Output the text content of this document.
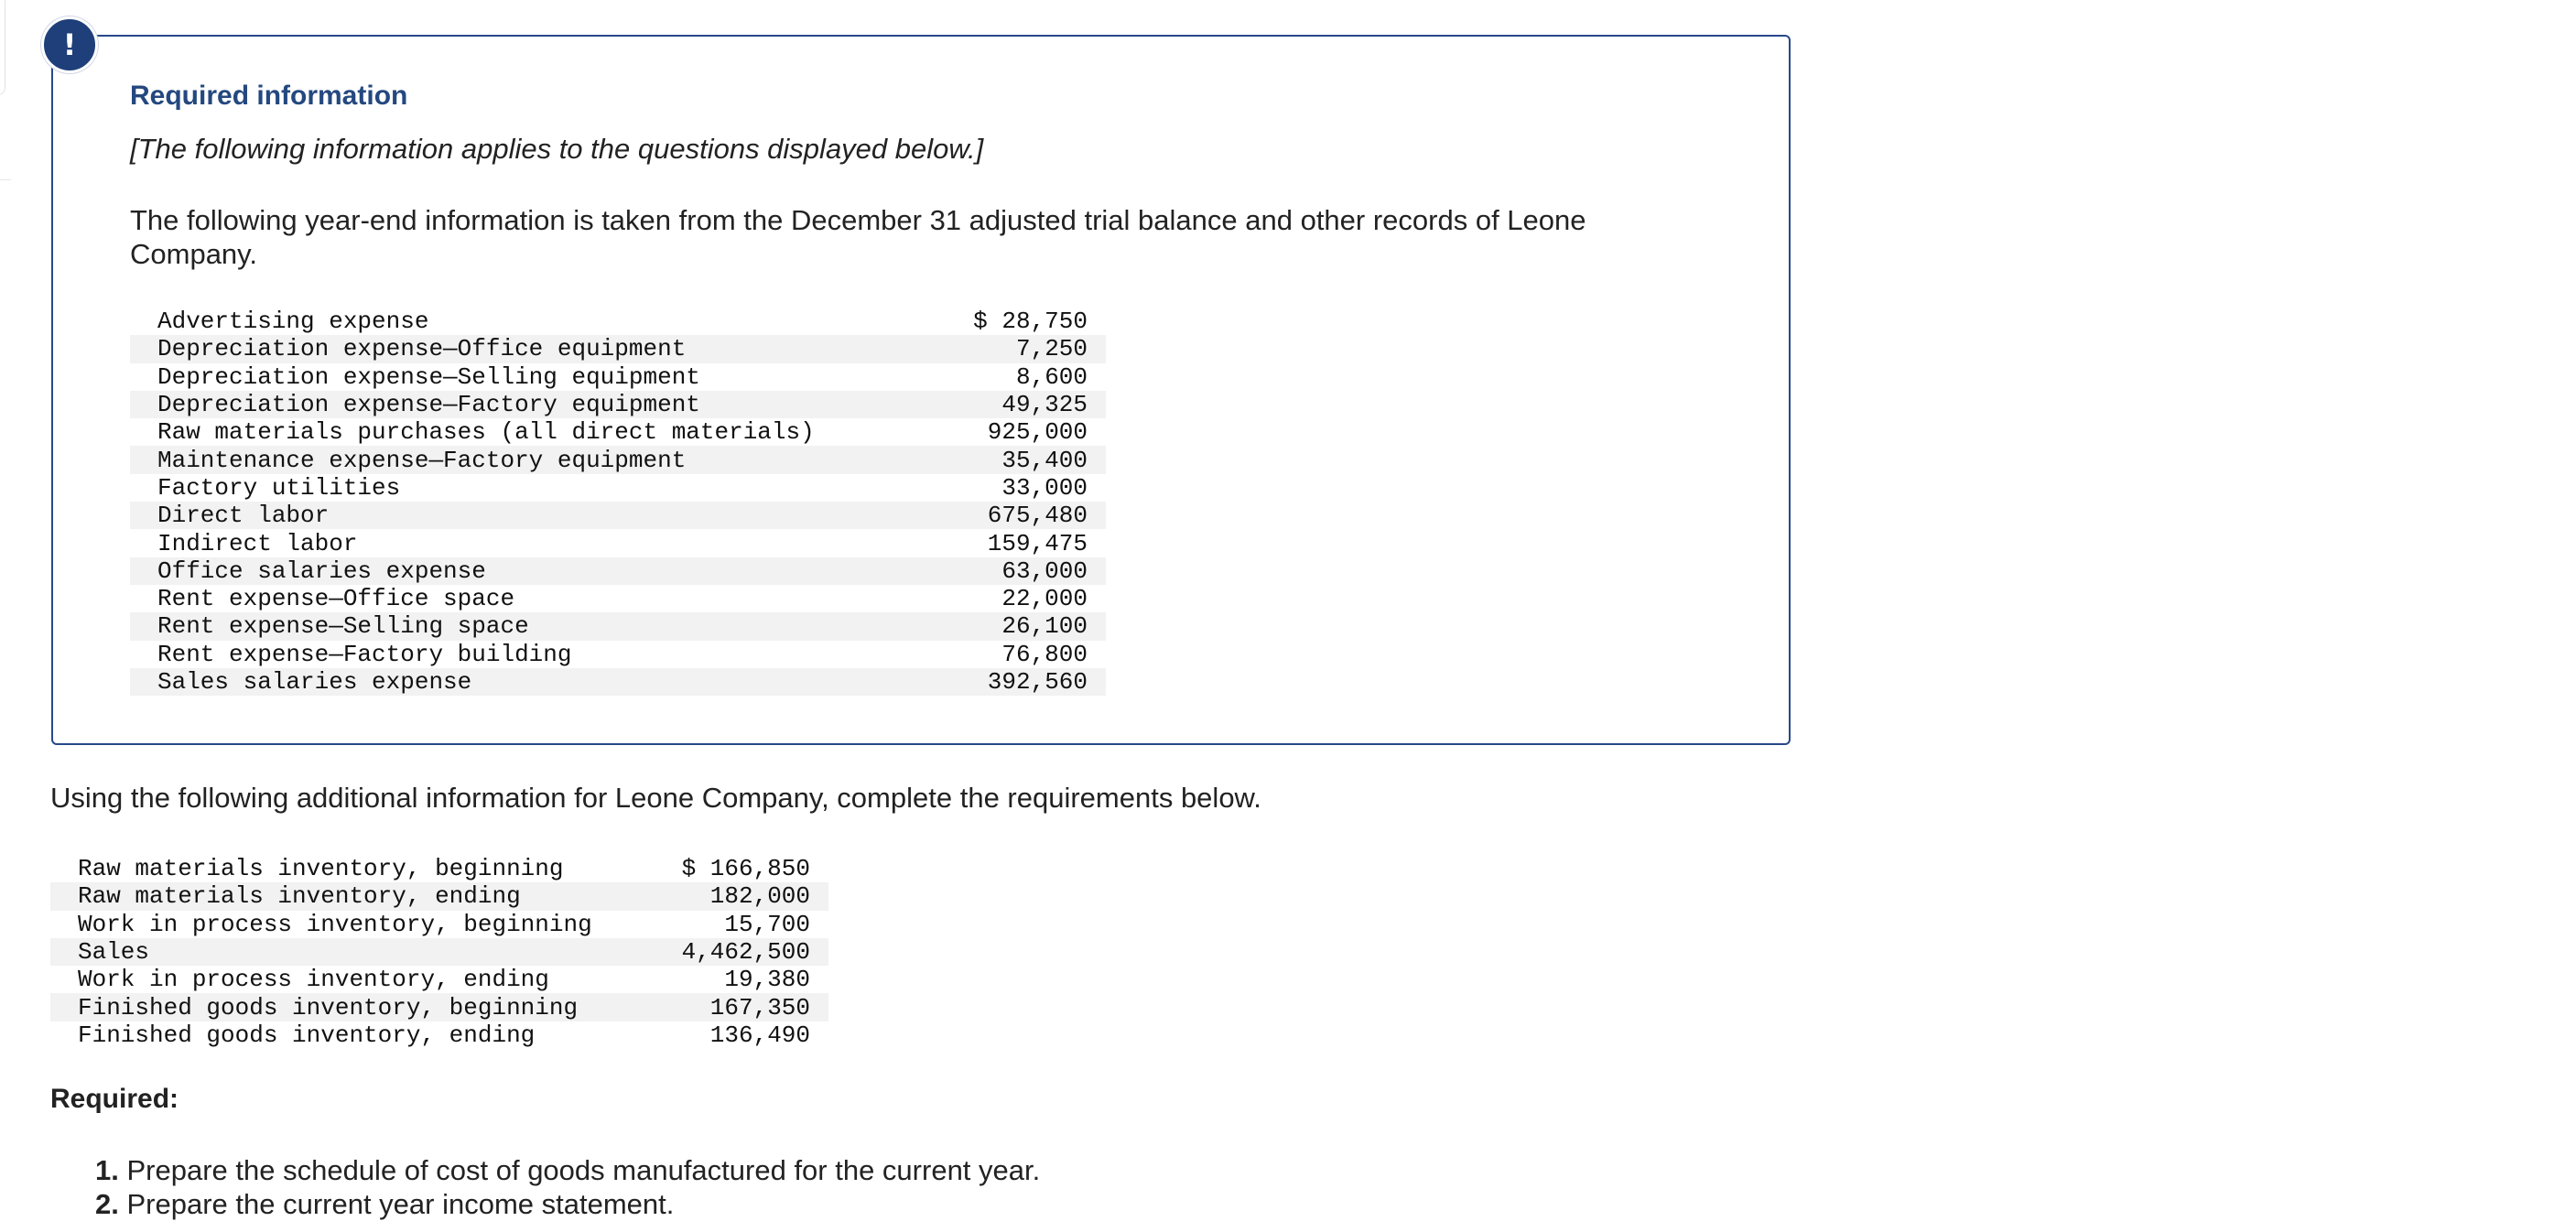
!
Required information
[The following information applies to the questions displayed below.]
The following year-end information is taken from the December 31 adjusted trial balance and other records of Leone Company.
Advertising expense	$ 28,750
Depreciation expense—Office equipment	7,250
Depreciation expense—Selling equipment	8,600
Depreciation expense—Factory equipment	49,325
Raw materials purchases (all direct materials)	925,000
Maintenance expense—Factory equipment	35,400
Factory utilities	33,000
Direct labor	675,480
Indirect labor	159,475
Office salaries expense	63,000
Rent expense—Office space	22,000
Rent expense—Selling space	26,100
Rent expense—Factory building	76,800
Sales salaries expense	392,560
Using the following additional information for Leone Company, complete the requirements below.
Raw materials inventory, beginning	$ 166,850
Raw materials inventory, ending	182,000
Work in process inventory, beginning	15,700
Sales	4,462,500
Work in process inventory, ending	19,380
Finished goods inventory, beginning	167,350
Finished goods inventory, ending	136,490
Required:
1. Prepare the schedule of cost of goods manufactured for the current year.
2. Prepare the current year income statement.
